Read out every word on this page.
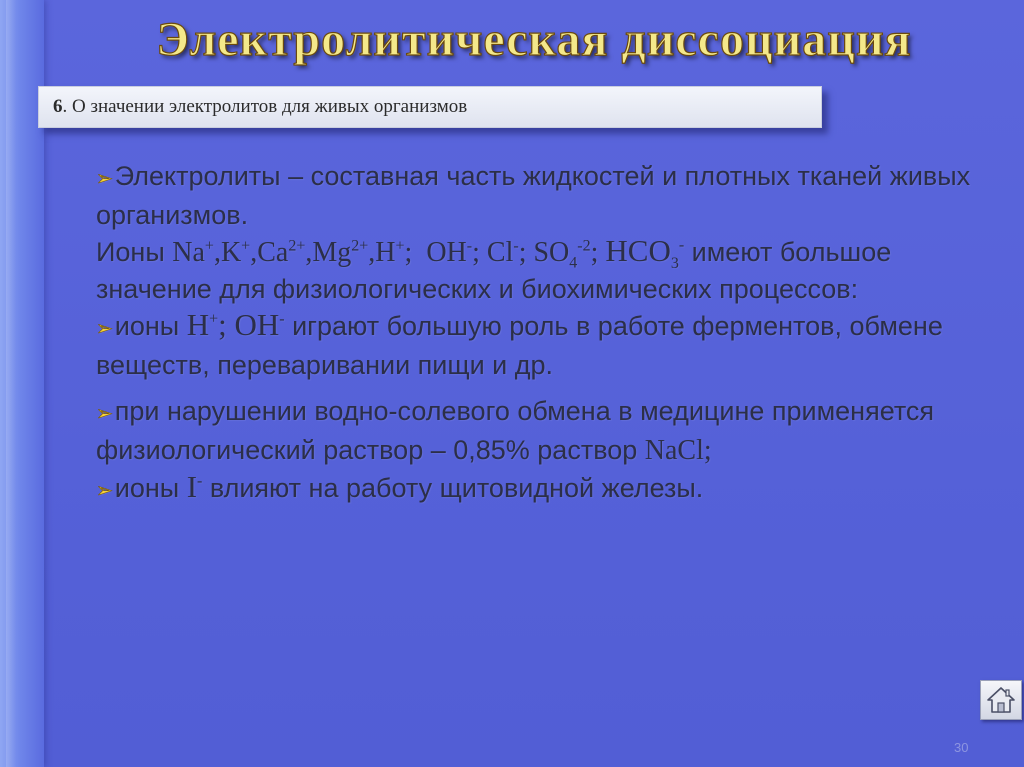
Электролитическая диссоциация
6 . О значении электролитов для живых организмов

➢Электролиты – составная часть жидкостей и плотных тканей живых организмов.

Ионы $Na^+,K^+,Ca^{2+},Mg^{2+},H^+$;  OH-; Cl-; $SO_4^{-2}$; $HCO_3^-$ имеют большое значение для физиологических и биохимических процессов:

➢ионы H+; OH- играют большую роль в работе ферментов, обмене веществ, переваривании пищи и др.

➢при нарушении водно-солевого обмена в медицине применяется физиологический раствор – 0,85% раствор NaCl;

➢ионы I- влияют на работу щитовидной железы.

30
